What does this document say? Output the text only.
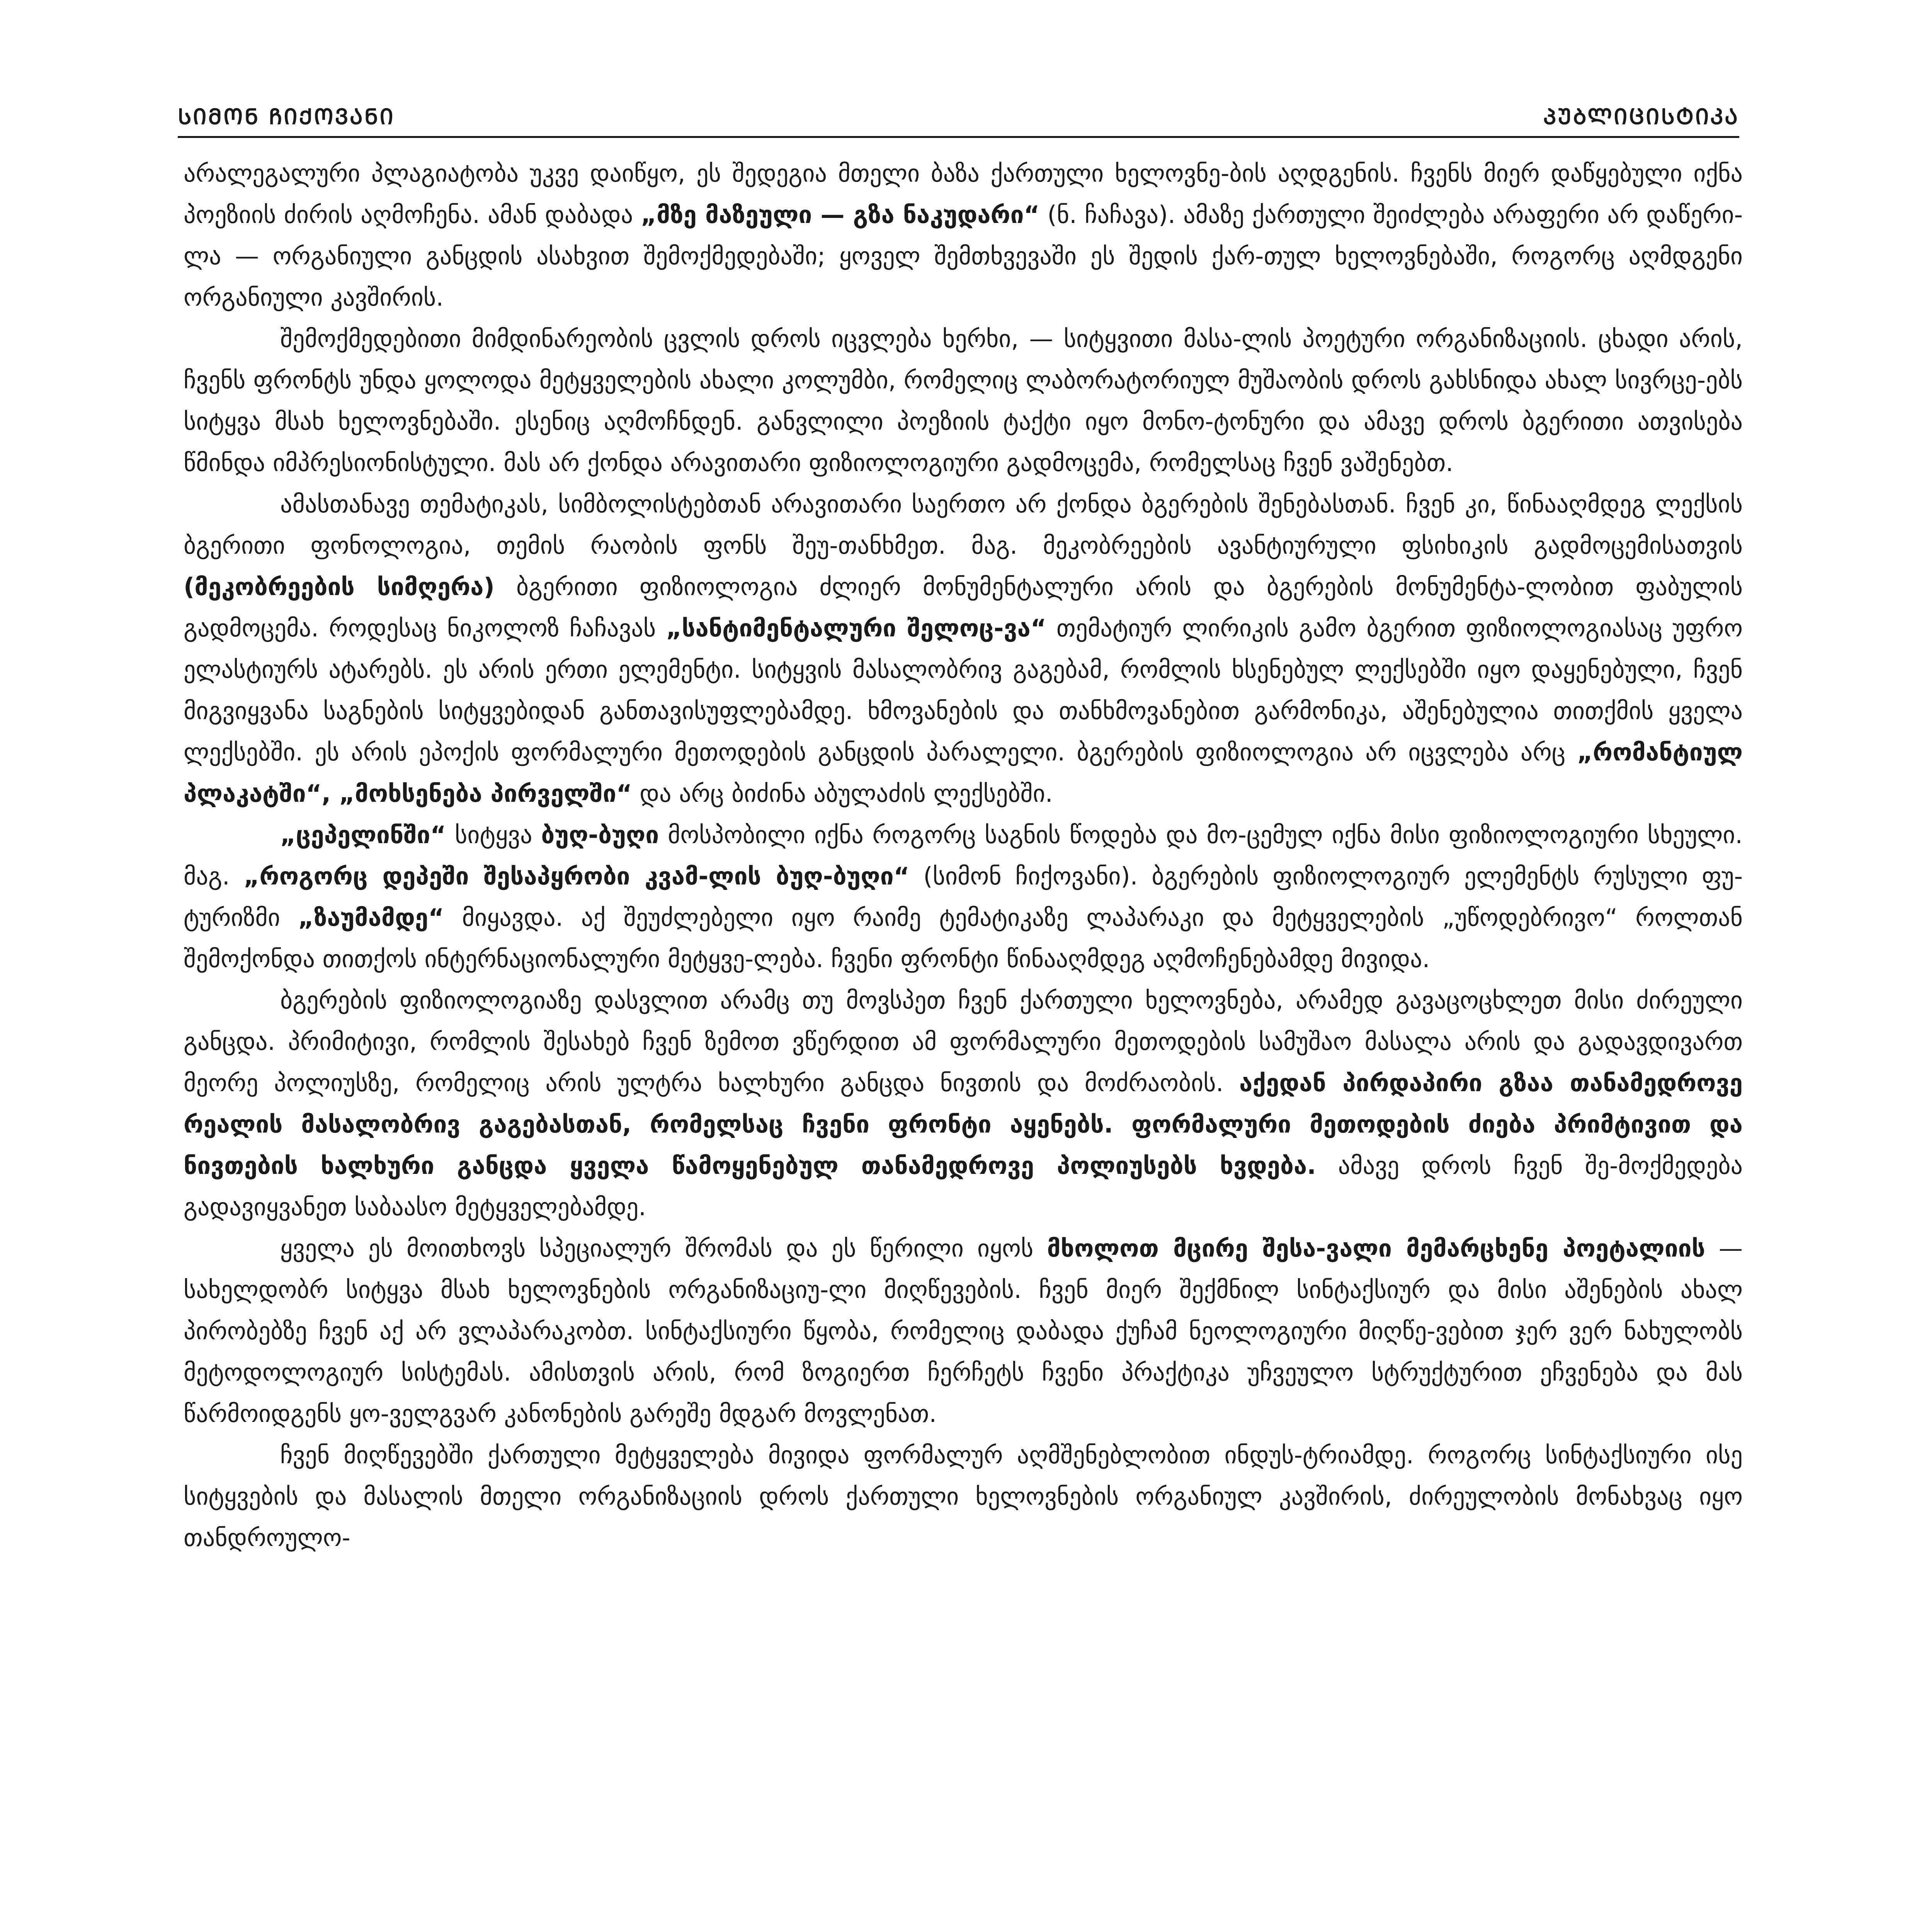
ᲡᲘᲛᲝᲜ ᲩᲘᲥᲝᲕᲐᲜᲘ	ᲞᲣᲑᲚᲘᲪᲘᲡᲢᲘᲙᲐ

არალეგალური პლაგიატობა უკვე დაიწყო, ეს შედეგია მთელი ბაზა ქართული ხელოვნე-ბის აღდგენის. ჩვენს მიერ დაწყებული იქნა პოეზიის ძირის აღმოჩენა. ამან დაბადა „მზე მაზეული — გზა ნაკუდარი“ (ნ. ჩაჩავა). ამაზე ქართული შეიძლება არაფერი არ დაწერი-ლა — ორგანიული განცდის ასახვით შემოქმედებაში; ყოველ შემთხვევაში ეს შედის ქარ-თულ ხელოვნებაში, როგორც აღმდგენი ორგანიული კავშირის.

შემოქმედებითი მიმდინარეობის ცვლის დროს იცვლება ხერხი, — სიტყვითი მასა-ლის პოეტური ორგანიზაციის. ცხადი არის, ჩვენს ფრონტს უნდა ყოლოდა მეტყველების ახალი კოლუმბი, რომელიც ლაბორატორიულ მუშაობის დროს გახსნიდა ახალ სივრცე-ებს სიტყვა მსახ ხელოვნებაში. ესენიც აღმოჩნდენ. განვლილი პოეზიის ტაქტი იყო მონო-ტონური და ამავე დროს ბგერითი ათვისება წმინდა იმპრესიონისტული. მას არ ქონდა არავითარი ფიზიოლოგიური გადმოცემა, რომელსაც ჩვენ ვაშენებთ.

ამასთანავე თემატიკას, სიმბოლისტებთან არავითარი საერთო არ ქონდა ბგერების შენებასთან. ჩვენ კი, წინააღმდეგ ლექსის ბგერითი ფონოლოგია, თემის რაობის ფონს შეუ-თანხმეთ. მაგ. მეკობრეების ავანტიურული ფსიხიკის გადმოცემისათვის (მეკობრეების სიმღერა) ბგერითი ფიზიოლოგია ძლიერ მონუმენტალური არის და ბგერების მონუმენტა-ლობით ფაბულის გადმოცემა. როდესაც ნიკოლოზ ჩაჩავას „სანტიმენტალური შელოც-ვა“ თემატიურ ლირიკის გამო ბგერით ფიზიოლოგიასაც უფრო ელასტიურს ატარებს. ეს არის ერთი ელემენტი. სიტყვის მასალობრივ გაგებამ, რომლის ხსენებულ ლექსებში იყო დაყენებული, ჩვენ მიგვიყვანა საგნების სიტყვებიდან განთავისუფლებამდე. ხმოვანების და თანხმოვანებით გარმონიკა, აშენებულია თითქმის ყველა ლექსებში. ეს არის ეპოქის ფორმალური მეთოდების განცდის პარალელი. ბგერების ფიზიოლოგია არ იცვლება არც „რომანტიულ პლაკატში“, „მოხსენება პირველში“ და არც ბიძინა აბულაძის ლექსებში.

„ცეპელინში“ სიტყვა ბუღ-ბუღი მოსპობილი იქნა როგორც საგნის წოდება და მო-ცემულ იქნა მისი ფიზიოლოგიური სხეული. მაგ. „როგორც დეპეში შესაპყრობი კვამ-ლის ბუღ-ბუღი“ (სიმონ ჩიქოვანი). ბგერების ფიზიოლოგიურ ელემენტს რუსული ფუ-ტურიზმი „ზაუმამდე“ მიყავდა. აქ შეუძლებელი იყო რაიმე ტემატიკაზე ლაპარაკი და მეტყველების „უწოდებრივო“ როლთან შემოქონდა თითქოს ინტერნაციონალური მეტყვე-ლება. ჩვენი ფრონტი წინააღმდეგ აღმოჩენებამდე მივიდა.

ბგერების ფიზიოლოგიაზე დასვლით არამც თუ მოვსპეთ ჩვენ ქართული ხელოვნება, არამედ გავაცოცხლეთ მისი ძირეული განცდა. პრიმიტივი, რომლის შესახებ ჩვენ ზემოთ ვწერდით ამ ფორმალური მეთოდების სამუშაო მასალა არის და გადავდივართ მეორე პოლიუსზე, რომელიც არის ულტრა ხალხური განცდა ნივთის და მოძრაობის. აქედან პირდაპირი გზაა თანამედროვე რეალის მასალობრივ გაგებასთან, რომელსაც ჩვენი ფრონტი აყენებს. ფორმალური მეთოდების ძიება პრიმტივით და ნივთების ხალხური განცდა ყველა წამოყენებულ თანამედროვე პოლიუსებს ხვდება. ამავე დროს ჩვენ შე-მოქმედება გადავიყვანეთ საბაასო მეტყველებამდე.

ყველა ეს მოითხოვს სპეციალურ შრომას და ეს წერილი იყოს მხოლოთ მცირე შესა-ვალი მემარცხენე პოეტალიის — სახელდობრ სიტყვა მსახ ხელოვნების ორგანიზაციუ-ლი მიღწევების. ჩვენ მიერ შექმნილ სინტაქსიურ და მისი აშენების ახალ პირობებზე ჩვენ აქ არ ვლაპარაკობთ. სინტაქსიური წყობა, რომელიც დაბადა ქუჩამ ნეოლოგიური მიღწე-ვებით ჯერ ვერ ნახულობს მეტოდოლოგიურ სისტემას. ამისთვის არის, რომ ზოგიერთ ჩერჩეტს ჩვენი პრაქტიკა უჩვეულო სტრუქტურით ეჩვენება და მას წარმოიდგენს ყო-ველგვარ კანონების გარეშე მდგარ მოვლენათ.

ჩვენ მიღწევებში ქართული მეტყველება მივიდა ფორმალურ აღმშენებლობით ინდუს-ტრიამდე. როგორც სინტაქსიური ისე სიტყვების და მასალის მთელი ორგანიზაციის დროს ქართული ხელოვნების ორგანიულ კავშირის, ძირეულობის მონახვაც იყო თანდროულო-
